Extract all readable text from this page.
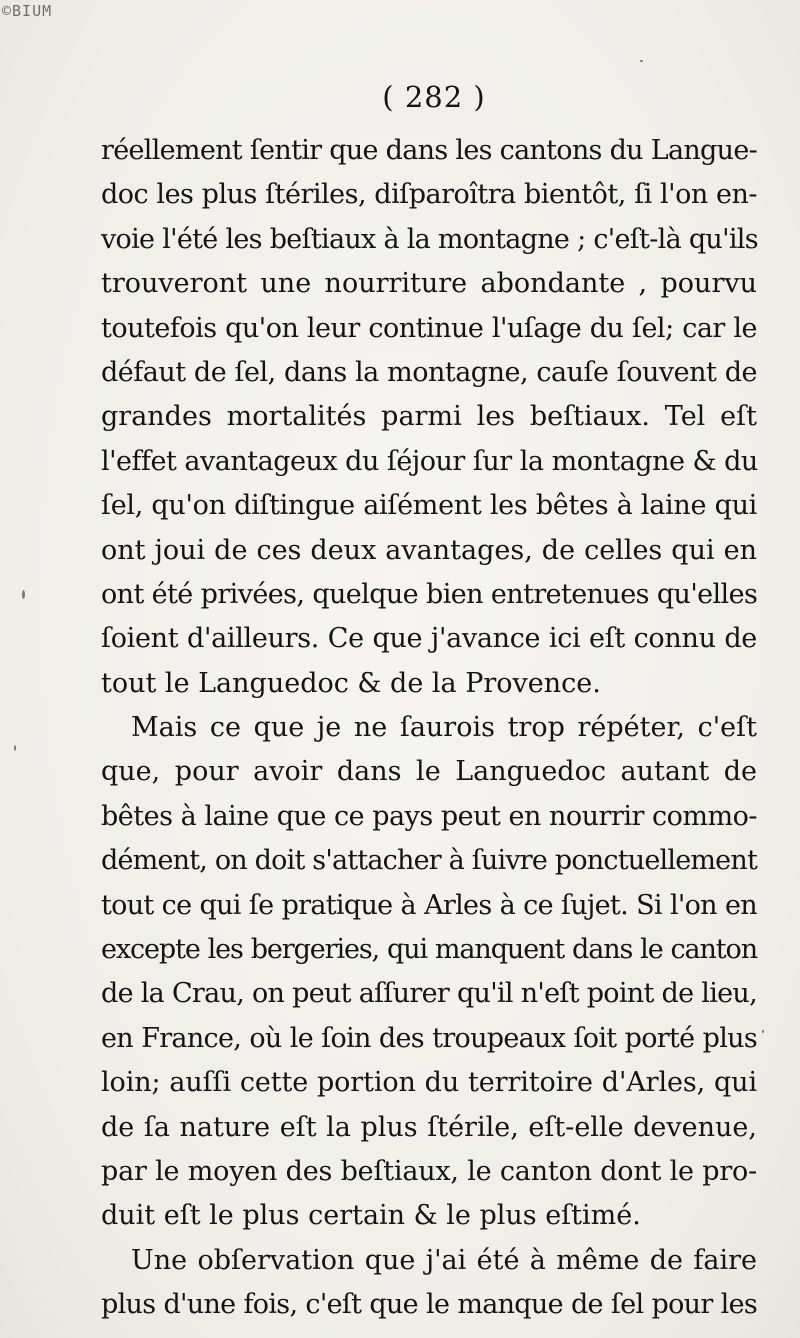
©BIUM
( 282 )
réellement ſentir que dans les cantons du Langue-
doc les plus ſtériles, diſparoîtra bientôt, ſi l'on en-
voie l'été les beſtiaux à la montagne ; c'eſt-là qu'ils
trouveront une nourriture abondante , pourvu
toutefois qu'on leur continue l'uſage du ſel; car le
défaut de ſel, dans la montagne, cauſe ſouvent de
grandes mortalités parmi les beſtiaux. Tel eſt
l'effet avantageux du ſéjour ſur la montagne & du
ſel, qu'on diſtingue aiſément les bêtes à laine qui
ont joui de ces deux avantages, de celles qui en
ont été privées, quelque bien entretenues qu'elles
ſoient d'ailleurs. Ce que j'avance ici eſt connu de
tout le Languedoc & de la Provence.
Mais ce que je ne ſaurois trop répéter, c'eſt
que, pour avoir dans le Languedoc autant de
bêtes à laine que ce pays peut en nourrir commo-
dément, on doit s'attacher à ſuivre ponctuellement
tout ce qui ſe pratique à Arles à ce ſujet. Si l'on en
excepte les bergeries, qui manquent dans le canton
de la Crau, on peut aſſurer qu'il n'eſt point de lieu,
en France, où le ſoin des troupeaux ſoit porté plus
loin; auſſi cette portion du territoire d'Arles, qui
de ſa nature eſt la plus ſtérile, eſt-elle devenue,
par le moyen des beſtiaux, le canton dont le pro-
duit eſt le plus certain & le plus eſtimé.
Une obſervation que j'ai été à même de faire
plus d'une fois, c'eſt que le manque de ſel pour les
